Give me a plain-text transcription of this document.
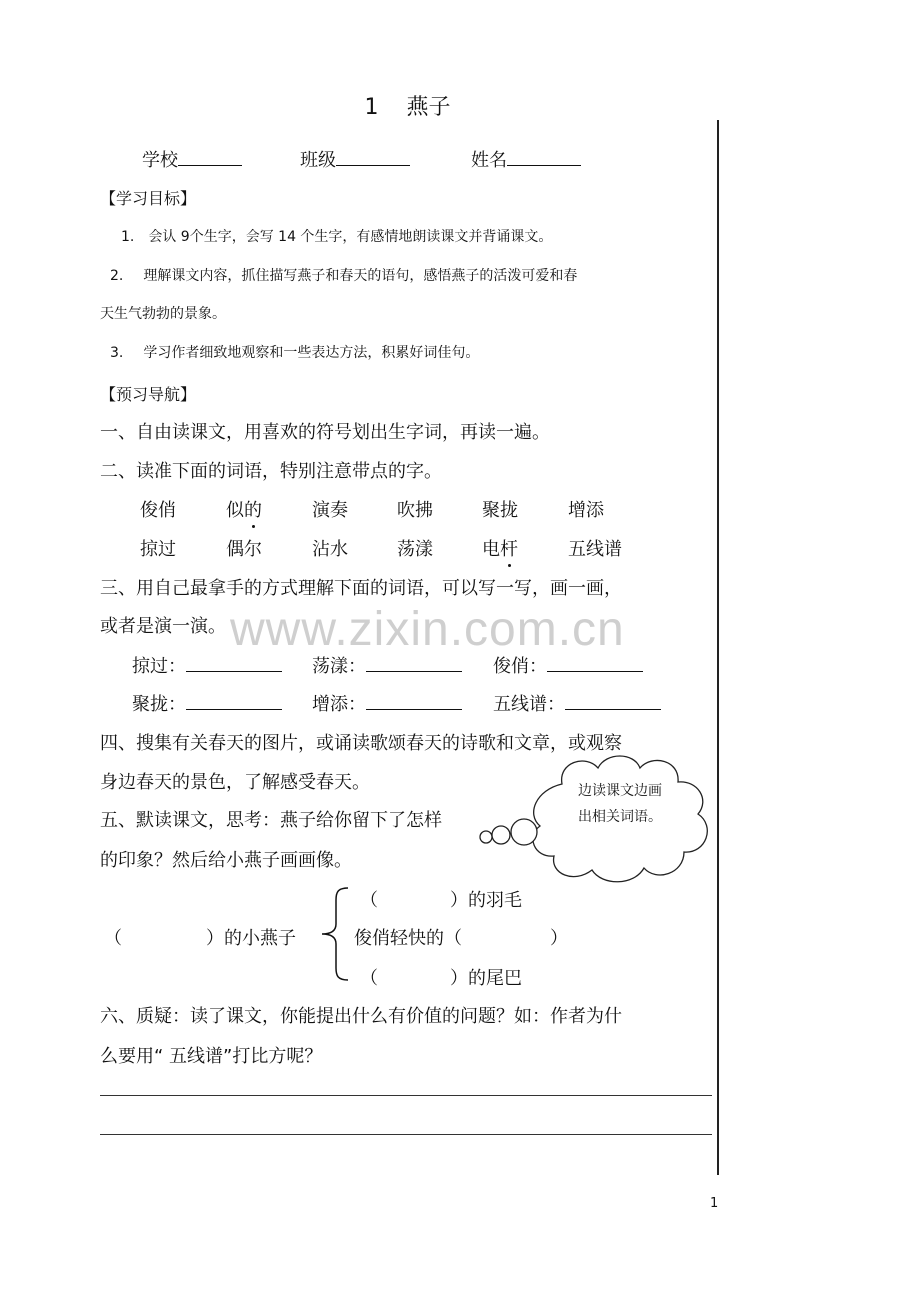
1 燕子
学校	班级	姓名
【学习目标】
1. 会认 9个生字，会写 14 个生字，有感情地朗读课文并背诵课文。
2. 理解课文内容，抓住描写燕子和春天的语句，感悟燕子的活泼可爱和春
天生气勃勃的景象。
3. 学习作者细致地观察和一些表达方法，积累好词佳句。
【预习导航】
一、自由读课文，用喜欢的符号划出生字词，再读一遍。
二、读准下面的词语，特别注意带点的字。
俊俏	似的	演奏	吹拂	聚拢	增添
掠过	偶尔	沾水	荡漾	电杆	五线谱
三、用自己最拿手的方式理解下面的词语，可以写一写，画一画，
或者是演一演。 www.zixin.com.cn
掠过：	荡漾：	俊俏：
聚拢：	增添：	五线谱：
四、搜集有关春天的图片，或诵读歌颂春天的诗歌和文章，或观察
身边春天的景色，了解感受春天。	边读课文边画出相关词语。
五、默读课文，思考：燕子给你留下了怎样
的印象？然后给小燕子画画像。
（	）的羽毛
（	）的小燕子	俊俏轻快的（	）
（	）的尾巴
六、质疑：读了课文，你能提出什么有价值的问题？如：作者为什
么要用“ 五线谱”打比方呢？
1
